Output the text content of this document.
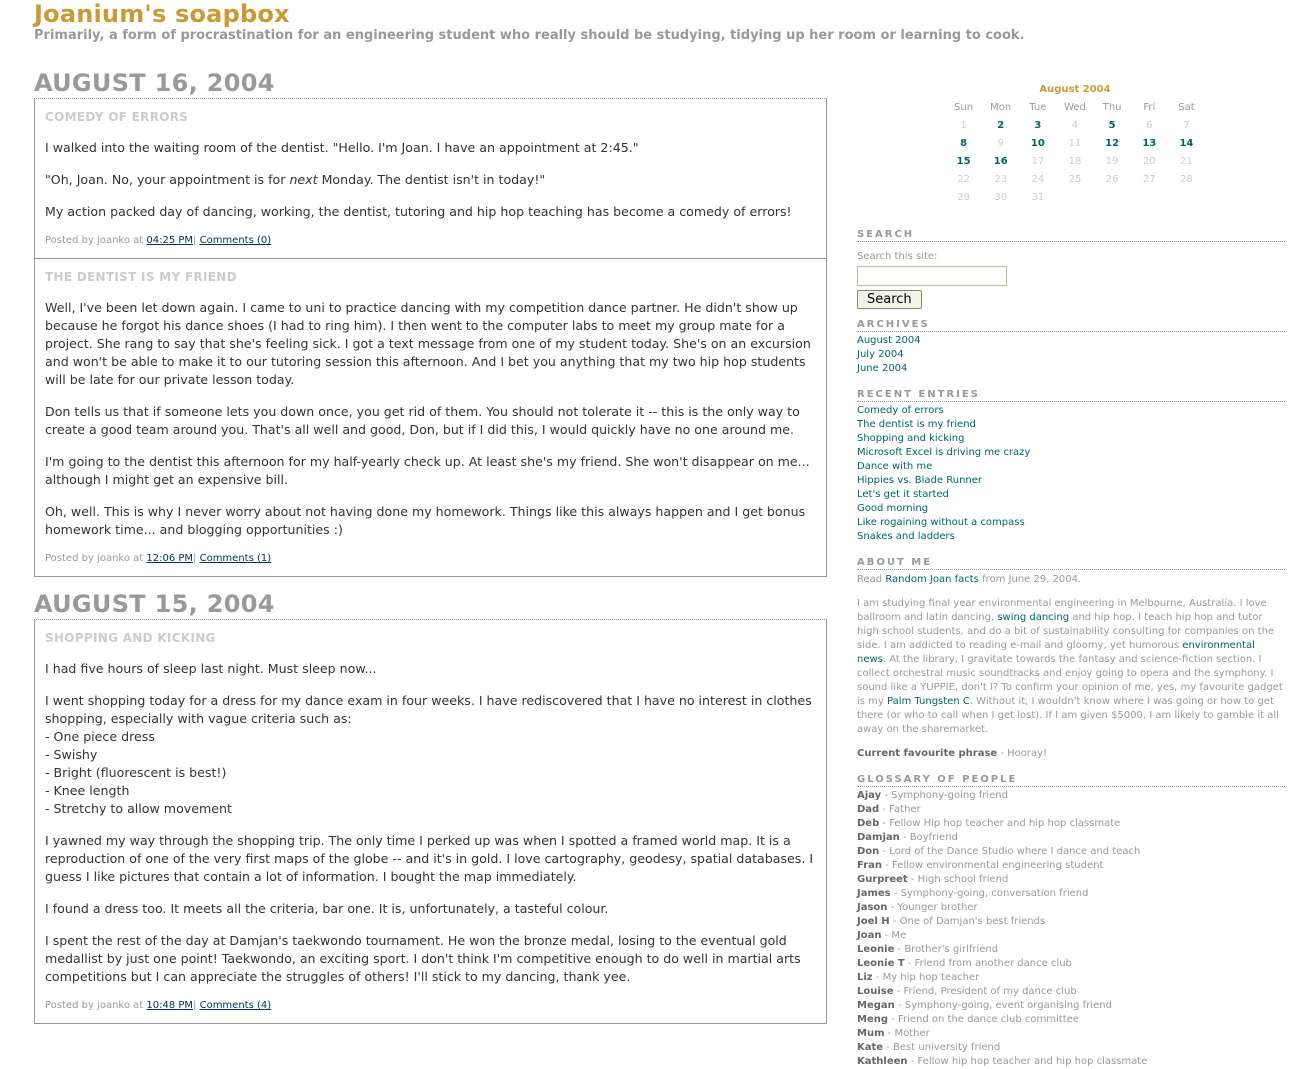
Joanium's soapbox
Primarily, a form of procrastination for an engineering student who really should be studying, tidying up her room or learning to cook.
AUGUST 16, 2004
COMEDY OF ERRORS

I walked into the waiting room of the dentist. "Hello. I'm Joan. I have an appointment at 2:45."

"Oh, Joan. No, your appointment is for next Monday. The dentist isn't in today!"

My action packed day of dancing, working, the dentist, tutoring and hip hop teaching has become a comedy of errors!

Posted by joanko at 04:25 PM| Comments (0)
THE DENTIST IS MY FRIEND

Well, I've been let down again. I came to uni to practice dancing with my competition dance partner. He didn't show up because he forgot his dance shoes (I had to ring him). I then went to the computer labs to meet my group mate for a project. She rang to say that she's feeling sick. I got a text message from one of my student today. She's on an excursion and won't be able to make it to our tutoring session this afternoon. And I bet you anything that my two hip hop students will be late for our private lesson today.

Don tells us that if someone lets you down once, you get rid of them. You should not tolerate it -- this is the only way to create a good team around you. That's all well and good, Don, but if I did this, I would quickly have no one around me.

I'm going to the dentist this afternoon for my half-yearly check up. At least she's my friend. She won't disappear on me... although I might get an expensive bill.

Oh, well. This is why I never worry about not having done my homework. Things like this always happen and I get bonus homework time... and blogging opportunities :)

Posted by joanko at 12:06 PM| Comments (1)
AUGUST 15, 2004
SHOPPING AND KICKING

I had five hours of sleep last night. Must sleep now...

I went shopping today for a dress for my dance exam in four weeks. I have rediscovered that I have no interest in clothes shopping, especially with vague criteria such as:
- One piece dress
- Swishy
- Bright (fluorescent is best!)
- Knee length
- Stretchy to allow movement

I yawned my way through the shopping trip. The only time I perked up was when I spotted a framed world map. It is a reproduction of one of the very first maps of the globe -- and it's in gold. I love cartography, geodesy, spatial databases. I guess I like pictures that contain a lot of information. I bought the map immediately.

I found a dress too. It meets all the criteria, bar one. It is, unfortunately, a tasteful colour.

I spent the rest of the day at Damjan's taekwondo tournament. He won the bronze medal, losing to the eventual gold medallist by just one point! Taekwondo, an exciting sport. I don't think I'm competitive enough to do well in martial arts competitions but I can appreciate the struggles of others! I'll stick to my dancing, thank yee.

Posted by joanko at 10:48 PM| Comments (4)
August 2004
Sun	Mon	Tue	Wed	Thu	Fri	Sat
1	2	3	4	5	6	7
8	9	10	11	12	13	14
15	16	17	18	19	20	21
22	23	24	25	26	27	28
29	30	31				
SEARCH
Search this site:

Search
ARCHIVES
August 2004
July 2004
June 2004
RECENT ENTRIES
Comedy of errors
The dentist is my friend
Shopping and kicking
Microsoft Excel is driving me crazy
Dance with me
Hippies vs. Blade Runner
Let's get it started
Good morning
Like rogaining without a compass
Snakes and ladders
ABOUT ME
Read Random Joan facts from June 29, 2004.
I am studying final year environmental engineering in Melbourne, Australia. I love ballroom and latin dancing, swing dancing and hip hop. I teach hip hop and tutor high school students, and do a bit of sustainability consulting for companies on the side. I am addicted to reading e-mail and gloomy, yet humorous environmental news. At the library, I gravitate towards the fantasy and science-fiction section. I collect orchestral music soundtracks and enjoy going to opera and the symphony. I sound like a YUPPIE, don't I? To confirm your opinion of me, yes, my favourite gadget is my Palm Tungsten C. Without it, I wouldn't know where I was going or how to get there (or who to call when I get lost). If I am given $5000, I am likely to gamble it all away on the sharemarket.
Current favourite phrase - Hooray!
GLOSSARY OF PEOPLE
Ajay - Symphony-going friend
Dad - Father
Deb - Fellow Hip hop teacher and hip hop classmate
Damjan - Boyfriend
Don - Lord of the Dance Studio where I dance and teach
Fran - Fellow environmental engineering student
Gurpreet - High school friend
James - Symphony-going, conversation friend
Jason - Younger brother
Joel H - One of Damjan's best friends
Joan - Me
Leonie - Brother's girlfriend
Leonie T - Friend from another dance club
Liz - My hip hop teacher
Louise - Friend, President of my dance club
Megan - Symphony-going, event organising friend
Meng - Friend on the dance club committee
Mum - Mother
Kate - Best university friend
Kathleen - Fellow hip hop teacher and hip hop classmate
